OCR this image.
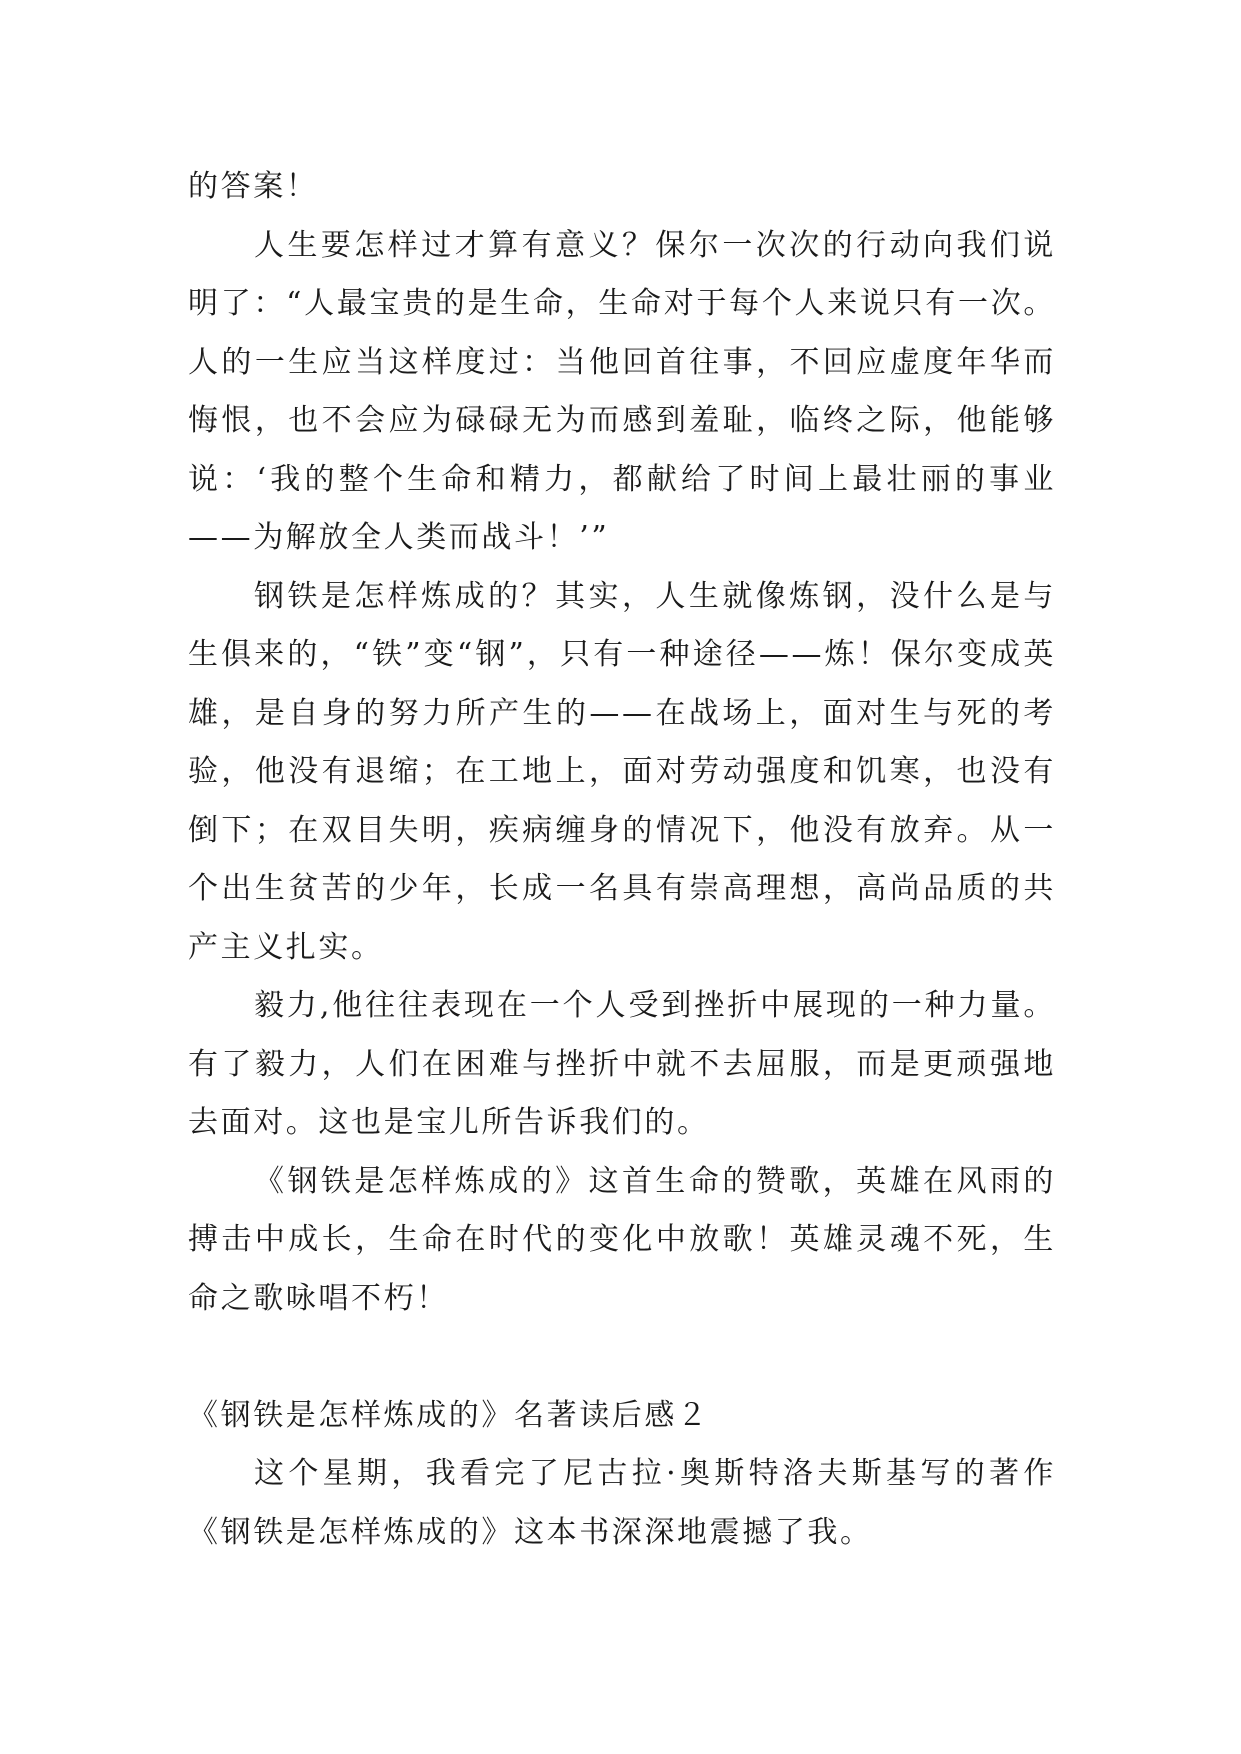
的答案！

人生要怎样过才算有意义？保尔一次次的行动向我们说明了：“人最宝贵的是生命，生命对于每个人来说只有一次。人的一生应当这样度过：当他回首往事，不回应虚度年华而悔恨，也不会应为碌碌无为而感到羞耻，临终之际，他能够说：‘我的整个生命和精力，都献给了时间上最壮丽的事业——为解放全人类而战斗！’”

钢铁是怎样炼成的？其实，人生就像炼钢，没什么是与生俱来的，“铁”变“钢”，只有一种途径——炼！保尔变成英雄，是自身的努力所产生的——在战场上，面对生与死的考验，他没有退缩；在工地上，面对劳动强度和饥寒，也没有倒下；在双目失明，疾病缠身的情况下，他没有放弃。从一个出生贫苦的少年，长成一名具有崇高理想，高尚品质的共产主义扎实。

毅力,他往往表现在一个人受到挫折中展现的一种力量。有了毅力，人们在困难与挫折中就不去屈服，而是更顽强地去面对。这也是宝儿所告诉我们的。

《钢铁是怎样炼成的》这首生命的赞歌，英雄在风雨的搏击中成长，生命在时代的变化中放歌！英雄灵魂不死，生命之歌咏唱不朽！

《钢铁是怎样炼成的》名著读后感２

这个星期，我看完了尼古拉·奥斯特洛夫斯基写的著作《钢铁是怎样炼成的》这本书深深地震撼了我。
